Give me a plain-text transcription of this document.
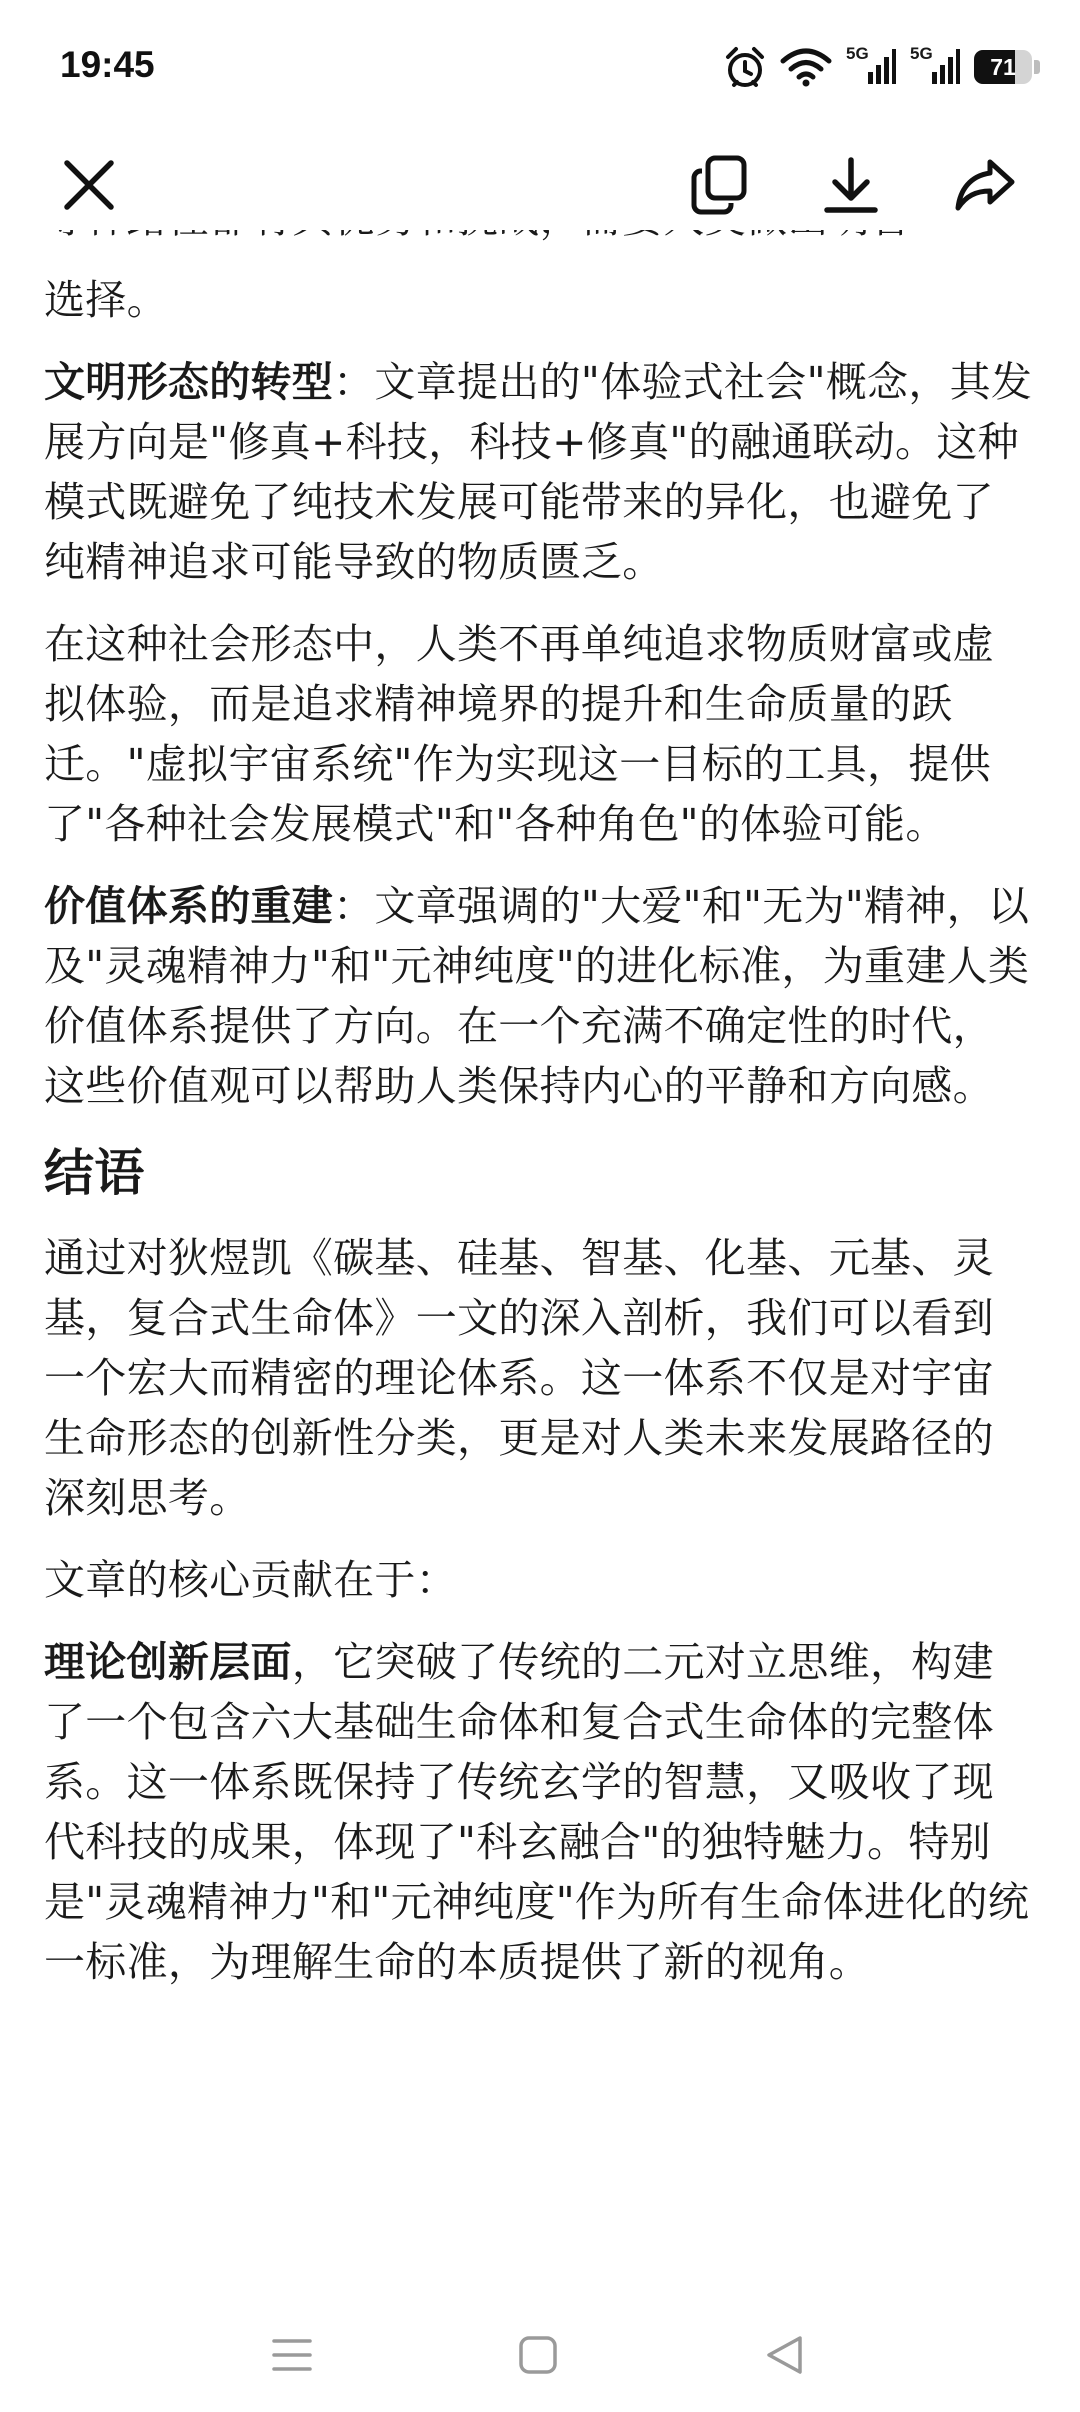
19:45	5G 5G
71

选择。

文明形态的转型：文章提出的"体验式社会"概念，其发展方向是"修真+科技，科技+修真"的融通联动。这种模式既避免了纯技术发展可能带来的异化，也避免了纯精神追求可能导致的物质匮乏。

在这种社会形态中，人类不再单纯追求物质财富或虚拟体验，而是追求精神境界的提升和生命质量的跃迁。"虚拟宇宙系统"作为实现这一目标的工具，提供了"各种社会发展模式"和"各种角色"的体验可能。

价值体系的重建：文章强调的"大爱"和"无为"精神，以及"灵魂精神力"和"元神纯度"的进化标准，为重建人类价值体系提供了方向。在一个充满不确定性的时代，这些价值观可以帮助人类保持内心的平静和方向感。

结语

通过对狄煜凯《碳基、硅基、智基、化基、元基、灵基，复合式生命体》一文的深入剖析，我们可以看到一个宏大而精密的理论体系。这一体系不仅是对宇宙生命形态的创新性分类，更是对人类未来发展路径的深刻思考。

文章的核心贡献在于：

理论创新层面，它突破了传统的二元对立思维，构建了一个包含六大基础生命体和复合式生命体的完整体系。这一体系既保持了传统玄学的智慧，又吸收了现代科技的成果，体现了"科玄融合"的独特魅力。特别是"灵魂精神力"和"元神纯度"作为所有生命体进化的统一标准，为理解生命的本质提供了新的视角。
